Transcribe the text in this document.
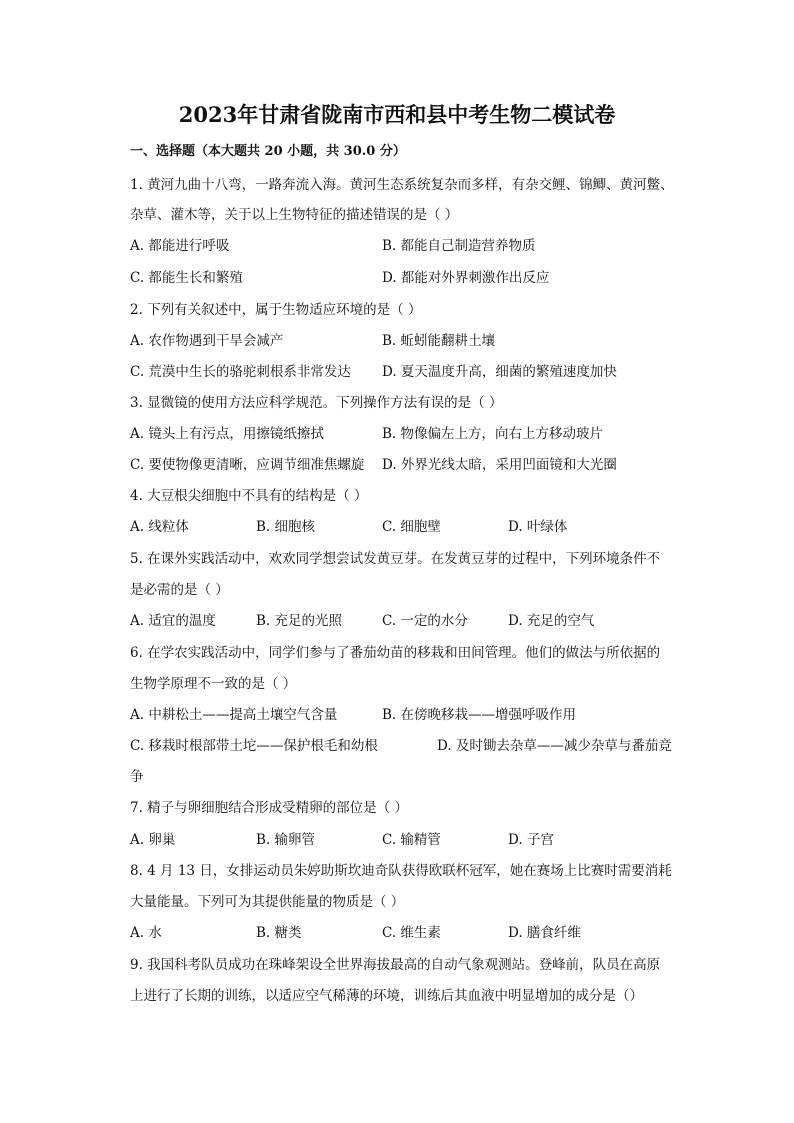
2023年甘肃省陇南市西和县中考生物二模试卷
一、选择题（本大题共 20 小题，共 30.0 分）
1. 黄河九曲十八弯，一路奔流入海。黄河生态系统复杂而多样，有杂交鲤、锦鲫、黄河鳖、
杂草、灌木等，关于以上生物特征的描述错误的是（ ）
A. 都能进行呼吸	B. 都能自己制造营养物质
C. 都能生长和繁殖	D. 都能对外界刺激作出反应
2. 下列有关叙述中，属于生物适应环境的是（ ）
A. 农作物遇到干旱会减产	B. 蚯蚓能翻耕土壤
C. 荒漠中生长的骆驼刺根系非常发达 D. 夏天温度升高，细菌的繁殖速度加快
3. 显微镜的使用方法应科学规范。下列操作方法有误的是（ ）
A. 镜头上有污点，用擦镜纸擦拭	B. 物像偏左上方，向右上方移动玻片
C. 要使物像更清晰，应调节细准焦螺旋 D. 外界光线太暗，采用凹面镜和大光圈
4. 大豆根尖细胞中不具有的结构是（ ）
A. 线粒体	B. 细胞核	C. 细胞壁	D. 叶绿体
5. 在课外实践活动中，欢欢同学想尝试发黄豆芽。在发黄豆芽的过程中，下列环境条件不
是必需的是（ ）
A. 适宜的温度	B. 充足的光照	C. 一定的水分	D. 充足的空气
6. 在学农实践活动中，同学们参与了番茄幼苗的移栽和田间管理。他们的做法与所依据的
生物学原理不一致的是（ ）
A. 中耕松土——提高土壤空气含量	B. 在傍晚移栽——增强呼吸作用
C. 移栽时根部带土坨——保护根毛和幼根	D. 及时锄去杂草——减少杂草与番茄竞
争
7. 精子与卵细胞结合形成受精卵的部位是（ ）
A. 卵巢	B. 输卵管	C. 输精管	D. 子宫
8. 4 月 13 日，女排运动员朱婷助斯坎迪奇队获得欧联杯冠军，她在赛场上比赛时需要消耗
大量能量。下列可为其提供能量的物质是（ ）
A. 水	B. 糖类	C. 维生素	D. 膳食纤维
9. 我国科考队员成功在珠峰架设全世界海拔最高的自动气象观测站。登峰前，队员在高原
上进行了长期的训练，以适应空气稀薄的环境，训练后其血液中明显增加的成分是（）
